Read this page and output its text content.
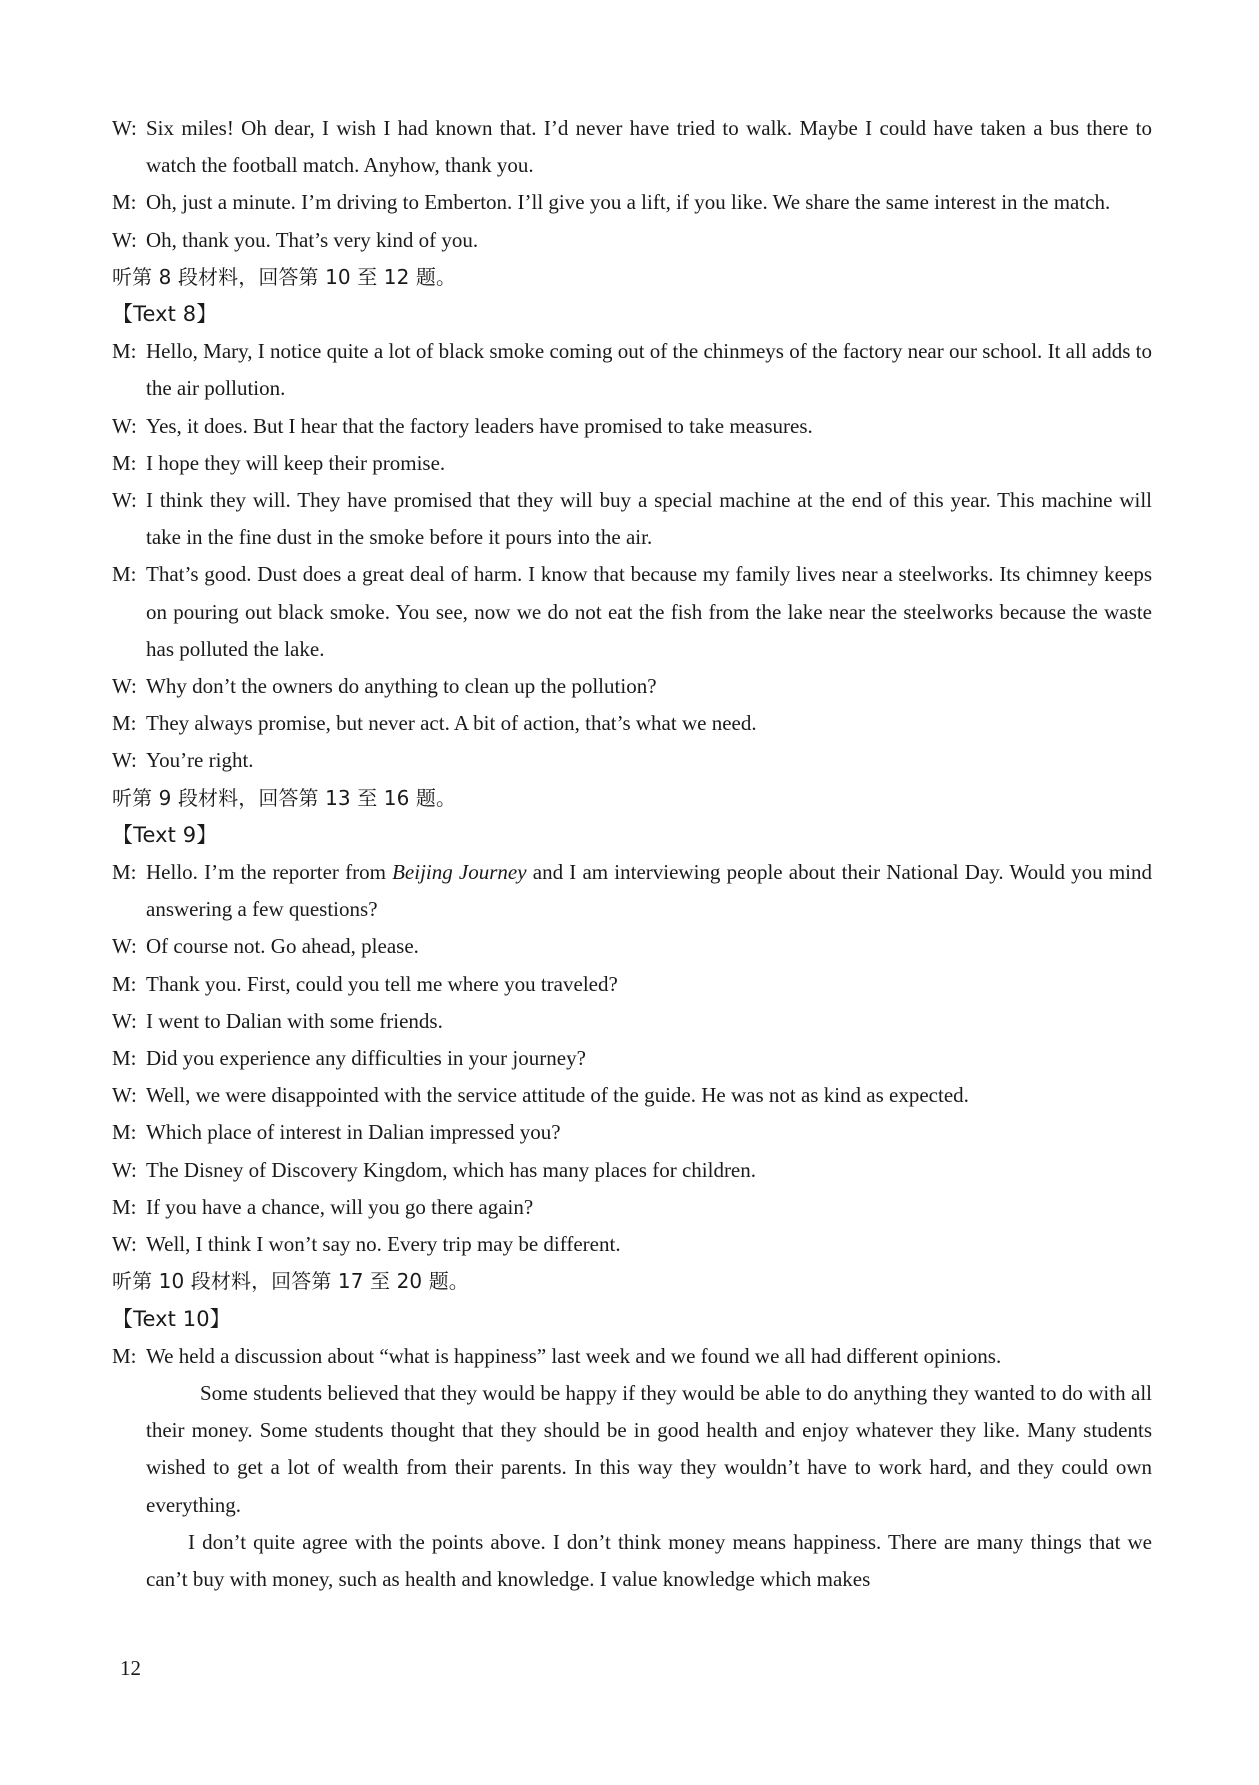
W: Six miles! Oh dear, I wish I had known that. I’d never have tried to walk. Maybe I could have taken a bus there to watch the football match. Anyhow, thank you.
M: Oh, just a minute. I’m driving to Emberton. I’ll give you a lift, if you like. We share the same interest in the match.
W: Oh, thank you. That’s very kind of you.
听第 8 段材料，回答第 10 至 12 题。
【Text 8】
M: Hello, Mary, I notice quite a lot of black smoke coming out of the chinmeys of the factory near our school. It all adds to the air pollution.
W: Yes, it does. But I hear that the factory leaders have promised to take measures.
M: I hope they will keep their promise.
W: I think they will. They have promised that they will buy a special machine at the end of this year. This machine will take in the fine dust in the smoke before it pours into the air.
M: That’s good. Dust does a great deal of harm. I know that because my family lives near a steelworks. Its chimney keeps on pouring out black smoke. You see, now we do not eat the fish from the lake near the steelworks because the waste has polluted the lake.
W: Why don’t the owners do anything to clean up the pollution?
M: They always promise, but never act. A bit of action, that’s what we need.
W: You’re right.
听第 9 段材料，回答第 13 至 16 题。
【Text 9】
M: Hello. I’m the reporter from Beijing Journey and I am interviewing people about their National Day. Would you mind answering a few questions?
W: Of course not. Go ahead, please.
M: Thank you. First, could you tell me where you traveled?
W: I went to Dalian with some friends.
M: Did you experience any difficulties in your journey?
W: Well, we were disappointed with the service attitude of the guide. He was not as kind as expected.
M: Which place of interest in Dalian impressed you?
W: The Disney of Discovery Kingdom, which has many places for children.
M: If you have a chance, will you go there again?
W: Well, I think I won’t say no. Every trip may be different.
听第 10 段材料，回答第 17 至 20 题。
【Text 10】
M: We held a discussion about “what is happiness” last week and we found we all had different opinions.
Some students believed that they would be happy if they would be able to do anything they wanted to do with all their money. Some students thought that they should be in good health and enjoy whatever they like. Many students wished to get a lot of wealth from their parents. In this way they wouldn’t have to work hard, and they could own everything.
I don’t quite agree with the points above. I don’t think money means happiness. There are many things that we can’t buy with money, such as health and knowledge. I value knowledge which makes
12
